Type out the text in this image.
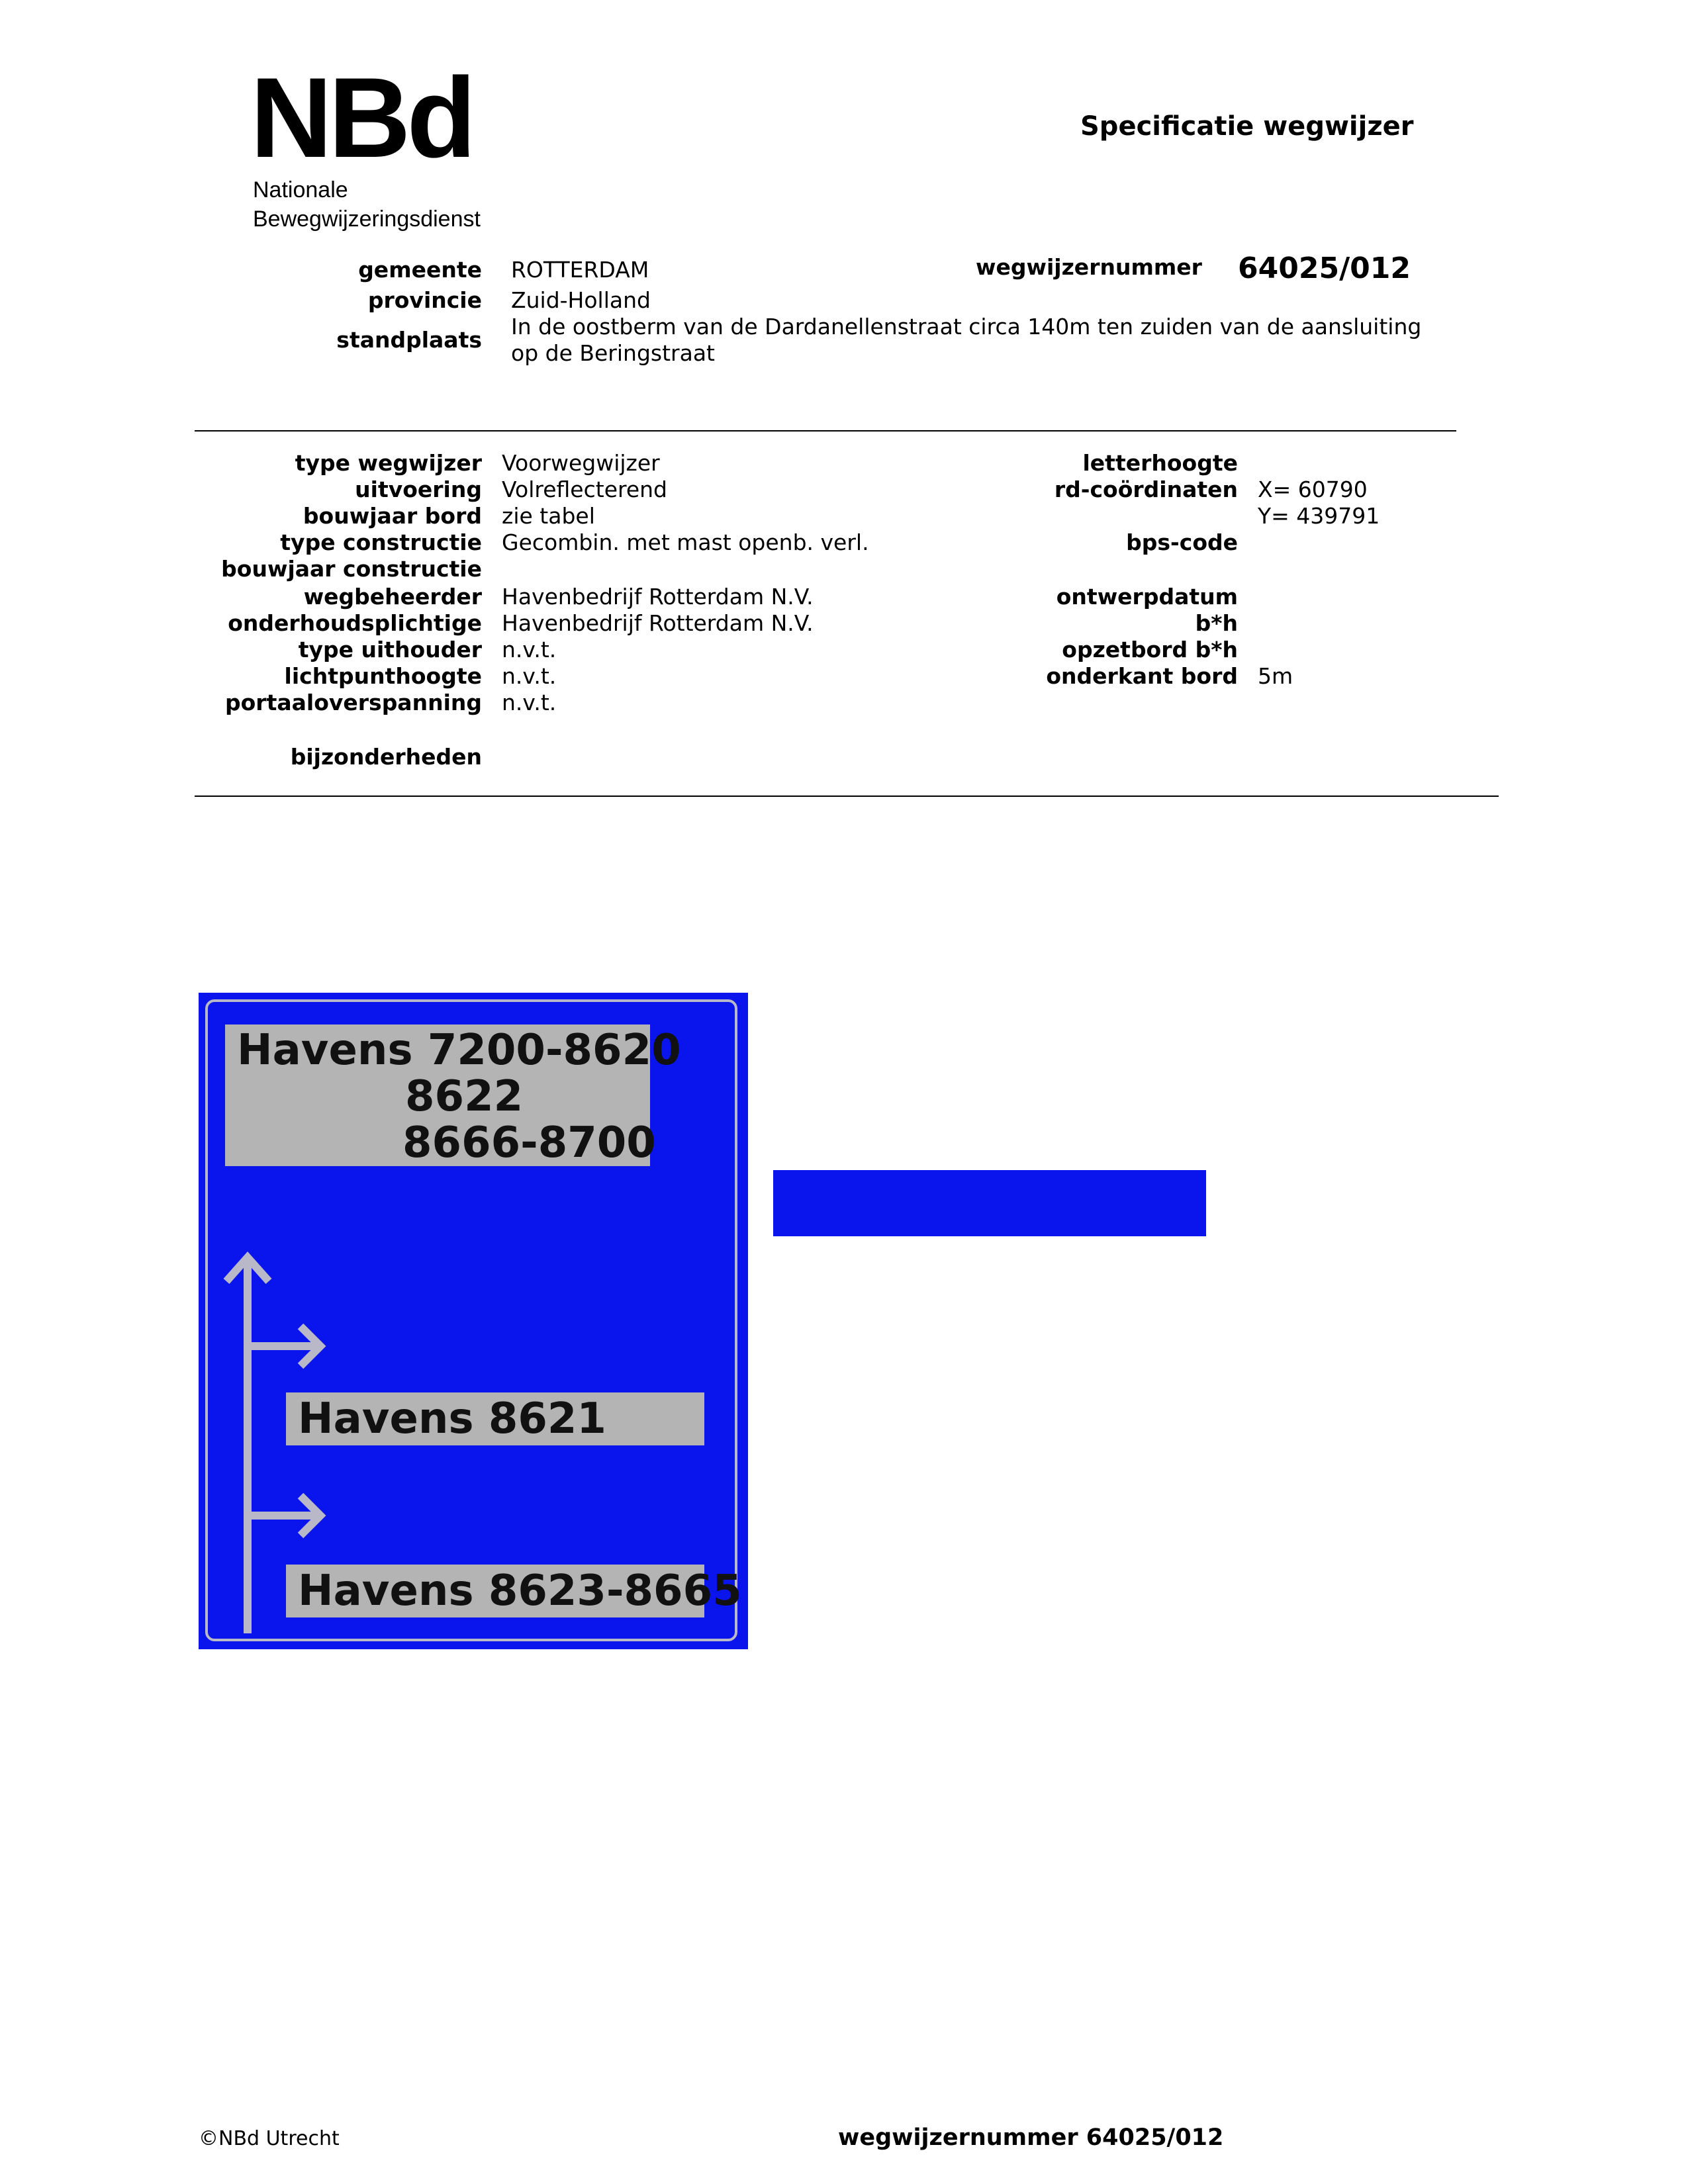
NBd
Nationale
Bewegwijzeringsdienst
Specificatie wegwijzer
gemeente ROTTERDAM
provincie Zuid-Holland
standplaats
In de oostberm van de Dardanellenstraat circa 140m ten zuiden van de aansluiting
op de Beringstraat
wegwijzernummer 64025/012
type wegwijzer Voorwegwijzer
uitvoering Volreflecterend
bouwjaar bord zie tabel
type constructie Gecombin. met mast openb. verl.
bouwjaar constructie
wegbeheerder Havenbedrijf Rotterdam N.V.
onderhoudsplichtige Havenbedrijf Rotterdam N.V.
type uithouder n.v.t.
lichtpunthoogte n.v.t.
portaaloverspanning n.v.t.
bijzonderheden
letterhoogte
rd-coördinaten X= 60790
Y= 439791
bps-code
ontwerpdatum
b*h
opzetbord b*h
onderkant bord 5m
Havens 7200-8620
8622
8666-8700
Havens 8621
Havens 8623-8665
©NBd Utrecht	wegwijzernummer 64025/012
